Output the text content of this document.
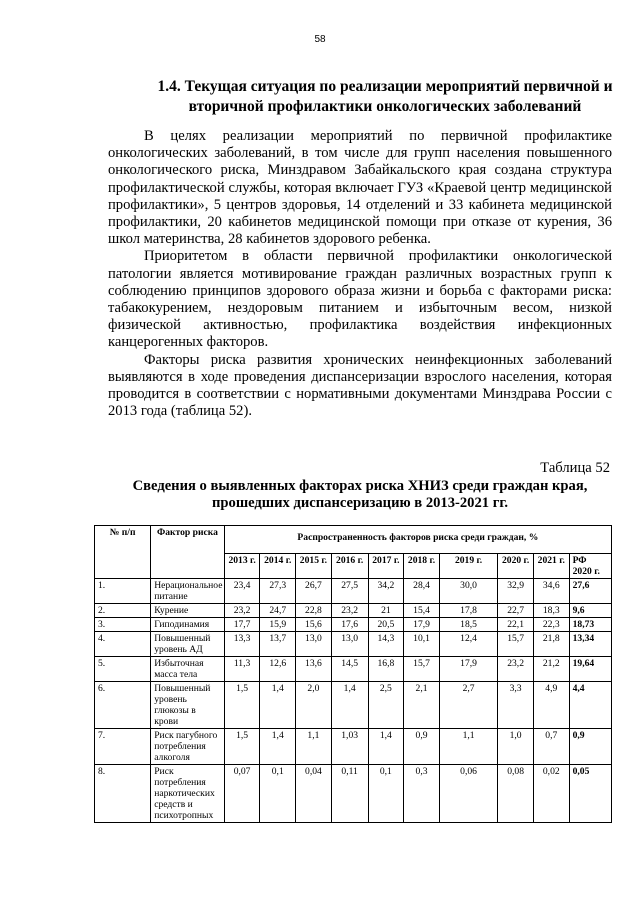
58
1.4. Текущая ситуация по реализации мероприятий первичной и вторичной профилактики онкологических заболеваний

В целях реализации мероприятий по первичной профилактике онкологических заболеваний, в том числе для групп населения повышенного онкологического риска, Минздравом Забайкальского края создана структура профилактической службы, которая включает ГУЗ «Краевой центр медицинской профилактики», 5 центров здоровья, 14 отделений и 33 кабинета медицинской профилактики, 20 кабинетов медицинской помощи при отказе от курения, 36 школ материнства, 28 кабинетов здорового ребенка.

Приоритетом в области первичной профилактики онкологической патологии является мотивирование граждан различных возрастных групп к соблюдению принципов здорового образа жизни и борьба с факторами риска: табакокурением, нездоровым питанием и избыточным весом, низкой физической активностью, профилактика воздействия инфекционных канцерогенных факторов.

Факторы риска развития хронических неинфекционных заболеваний выявляются в ходе проведения диспансеризации взрослого населения, которая проводится в соответствии с нормативными документами Минздрава России с 2013 года (таблица 52).

Таблица 52
Сведения о выявленных факторах риска ХНИЗ среди граждан края, прошедших диспансеризацию в 2013-2021 гг.
№ п/п	Фактор риска	Распространенность факторов риска среди граждан, %									
		2013 г.	2014 г.	2015 г.	2016 г.	2017 г.	2018 г.	2019 г.	2020 г.	2021 г.	РФ 2020 г.
1.	Нерациональное питание	23,4	27,3	26,7	27,5	34,2	28,4	30,0	32,9	34,6	27,6
2.	Курение	23,2	24,7	22,8	23,2	21	15,4	17,8	22,7	18,3	9,6
3.	Гиподинамия	17,7	15,9	15,6	17,6	20,5	17,9	18,5	22,1	22,3	18,73
4.	Повышенный уровень АД	13,3	13,7	13,0	13,0	14,3	10,1	12,4	15,7	21,8	13,34
5.	Избыточная масса тела	11,3	12,6	13,6	14,5	16,8	15,7	17,9	23,2	21,2	19,64
6.	Повышенный уровень глюкозы в крови	1,5	1,4	2,0	1,4	2,5	2,1	2,7	3,3	4,9	4,4
7.	Риск пагубного потребления алкоголя	1,5	1,4	1,1	1,03	1,4	0,9	1,1	1,0	0,7	0,9
8.	Риск потребления наркотических средств и психотропных	0,07	0,1	0,04	0,11	0,1	0,3	0,06	0,08	0,02	0,05
